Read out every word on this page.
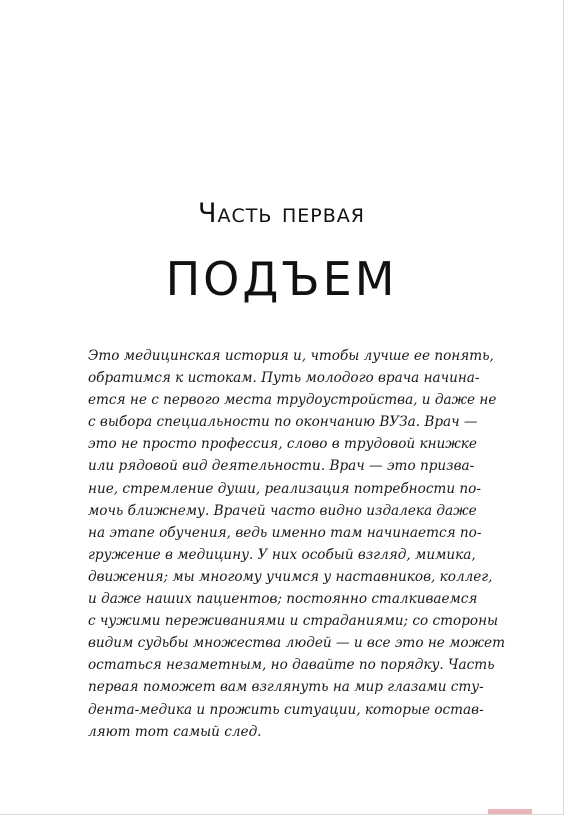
Часть первая
ПОДЪЕМ
Это медицинская история и, чтобы лучше ее понять,
обратимся к истокам. Путь молодого врача начина-
ется не с первого места трудоустройства, и даже не
с выбора специальности по окончанию ВУЗа. Врач —
это не просто профессия, слово в трудовой книжке
или рядовой вид деятельности. Врач — это призва-
ние, стремление души, реализация потребности по-
мочь ближнему. Врачей часто видно издалека даже
на этапе обучения, ведь именно там начинается по-
гружение в медицину. У них особый взгляд, мимика,
движения; мы многому учимся у наставников, коллег,
и даже наших пациентов; постоянно сталкиваемся
с чужими переживаниями и страданиями; со стороны
видим судьбы множества людей — и все это не может
остаться незаметным, но давайте по порядку. Часть
первая поможет вам взглянуть на мир глазами сту-
дента-медика и прожить ситуации, которые остав-
ляют тот самый след.
